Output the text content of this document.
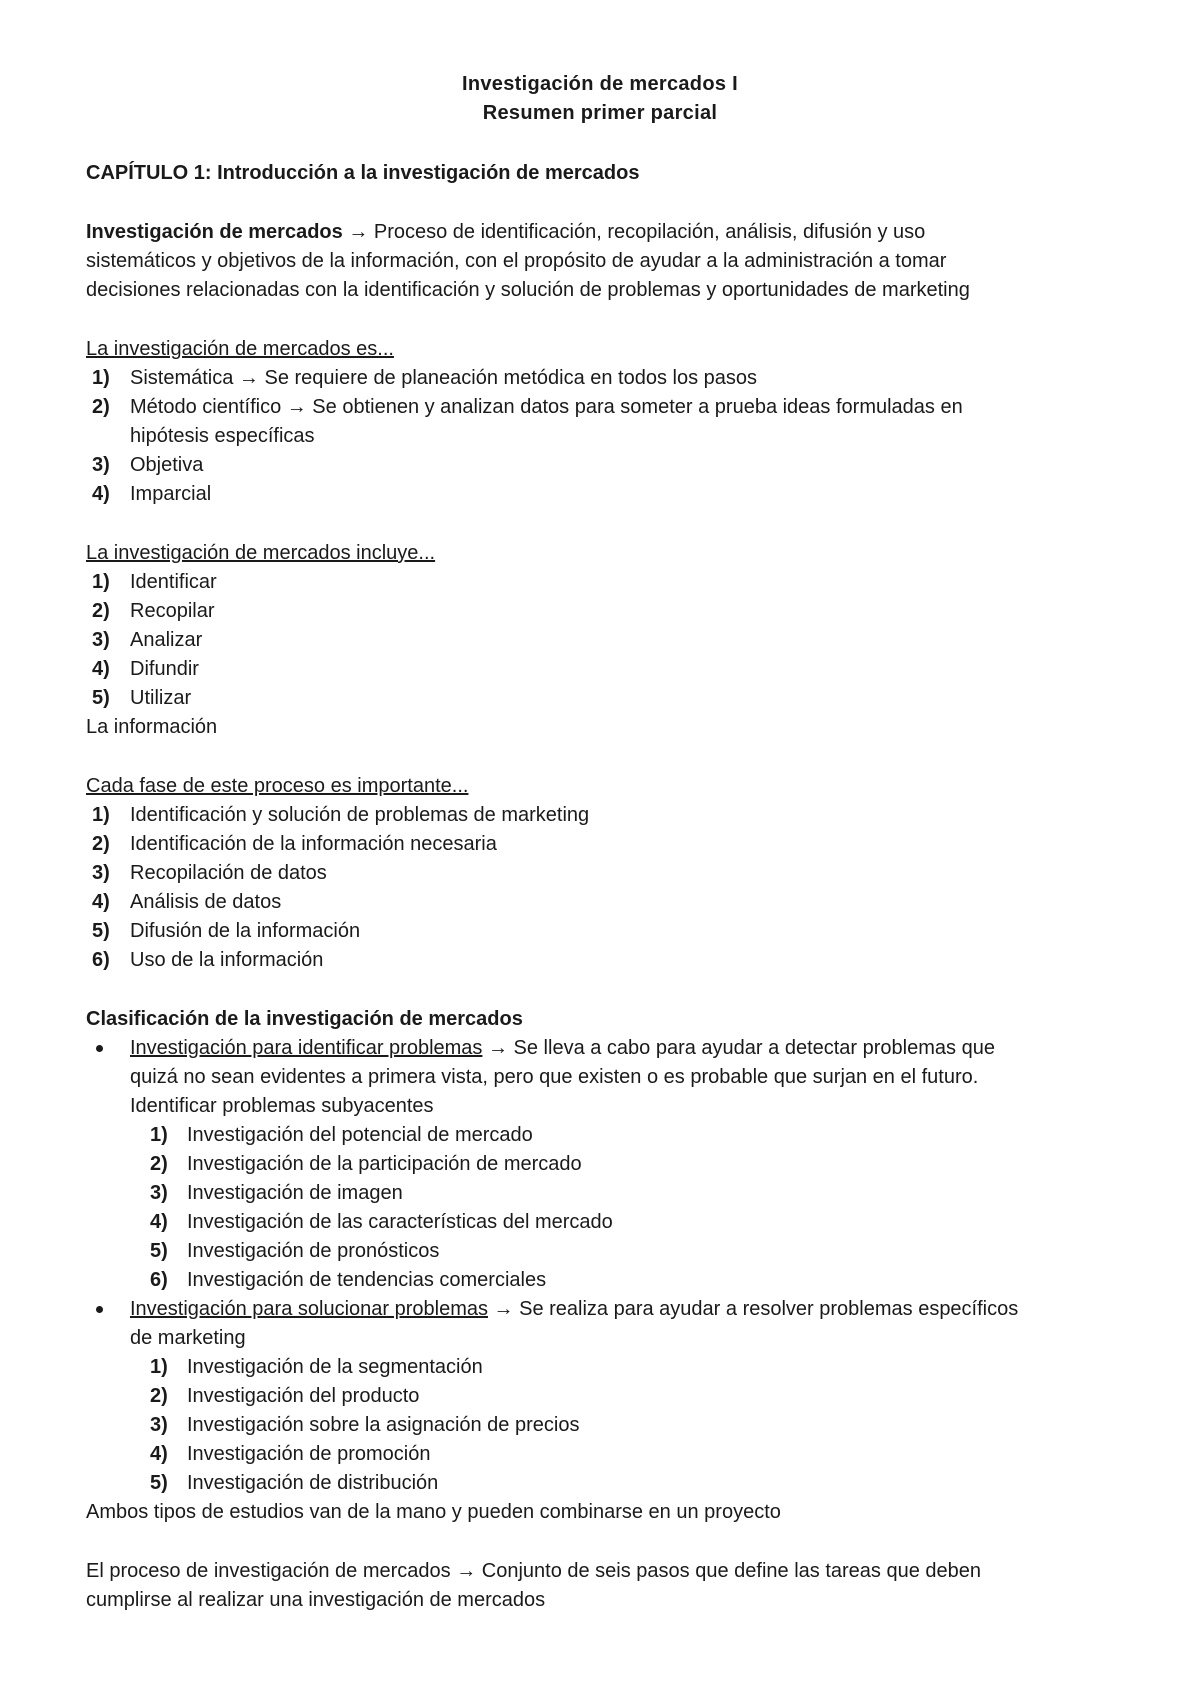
Investigación de mercados I
Resumen primer parcial
CAPÍTULO 1: Introducción a la investigación de mercados
Investigación de mercados → Proceso de identificación, recopilación, análisis, difusión y uso
sistemáticos y objetivos de la información, con el propósito de ayudar a la administración a tomar
decisiones relacionadas con la identificación y solución de problemas y oportunidades de marketing
La investigación de mercados es...
1) Sistemática → Se requiere de planeación metódica en todos los pasos
2) Método científico → Se obtienen y analizan datos para someter a prueba ideas formuladas en
hipótesis específicas
3) Objetiva
4) Imparcial
La investigación de mercados incluye...
1) Identificar
2) Recopilar
3) Analizar
4) Difundir
5) Utilizar
La información
Cada fase de este proceso es importante...
1) Identificación y solución de problemas de marketing
2) Identificación de la información necesaria
3) Recopilación de datos
4) Análisis de datos
5) Difusión de la información
6) Uso de la información
Clasificación de la investigación de mercados
Investigación para identificar problemas → Se lleva a cabo para ayudar a detectar problemas que
quizá no sean evidentes a primera vista, pero que existen o es probable que surjan en el futuro.
Identificar problemas subyacentes
1) Investigación del potencial de mercado
2) Investigación de la participación de mercado
3) Investigación de imagen
4) Investigación de las características del mercado
5) Investigación de pronósticos
6) Investigación de tendencias comerciales
Investigación para solucionar problemas → Se realiza para ayudar a resolver problemas específicos
de marketing
1) Investigación de la segmentación
2) Investigación del producto
3) Investigación sobre la asignación de precios
4) Investigación de promoción
5) Investigación de distribución
Ambos tipos de estudios van de la mano y pueden combinarse en un proyecto
El proceso de investigación de mercados → Conjunto de seis pasos que define las tareas que deben
cumplirse al realizar una investigación de mercados
